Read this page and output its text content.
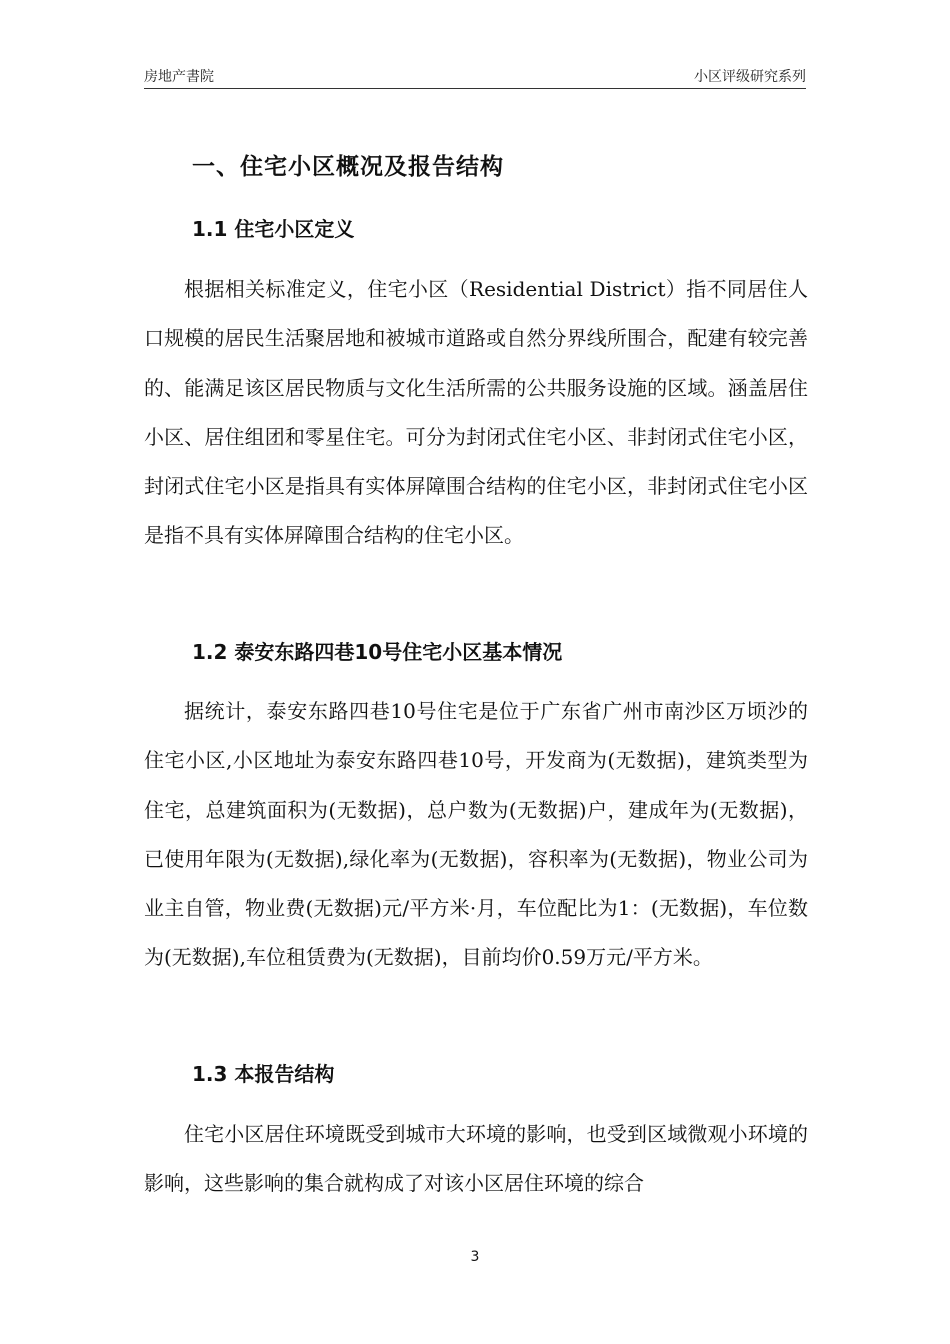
房地产書院	小区评级研究系列
一、住宅小区概况及报告结构
1.1 住宅小区定义

根据相关标准定义，住宅小区（Residential District）指不同居住人口规模的居民生活聚居地和被城市道路或自然分界线所围合，配建有较完善的、能满足该区居民物质与文化生活所需的公共服务设施的区域。涵盖居住小区、居住组团和零星住宅。可分为封闭式住宅小区、非封闭式住宅小区，封闭式住宅小区是指具有实体屏障围合结构的住宅小区，非封闭式住宅小区是指不具有实体屏障围合结构的住宅小区。

1.2 泰安东路四巷10号住宅小区基本情况

据统计，泰安东路四巷10号住宅是位于广东省广州市南沙区万顷沙的住宅小区,小区地址为泰安东路四巷10号，开发商为(无数据)，建筑类型为住宅，总建筑面积为(无数据)，总户数为(无数据)户，建成年为(无数据)，已使用年限为(无数据),绿化率为(无数据)，容积率为(无数据)，物业公司为业主自管，物业费(无数据)元/平方米·月，车位配比为1：(无数据)，车位数为(无数据),车位租赁费为(无数据)，目前均价0.59万元/平方米。

1.3 本报告结构

住宅小区居住环境既受到城市大环境的影响，也受到区域微观小环境的影响，这些影响的集合就构成了对该小区居住环境的综合

3
